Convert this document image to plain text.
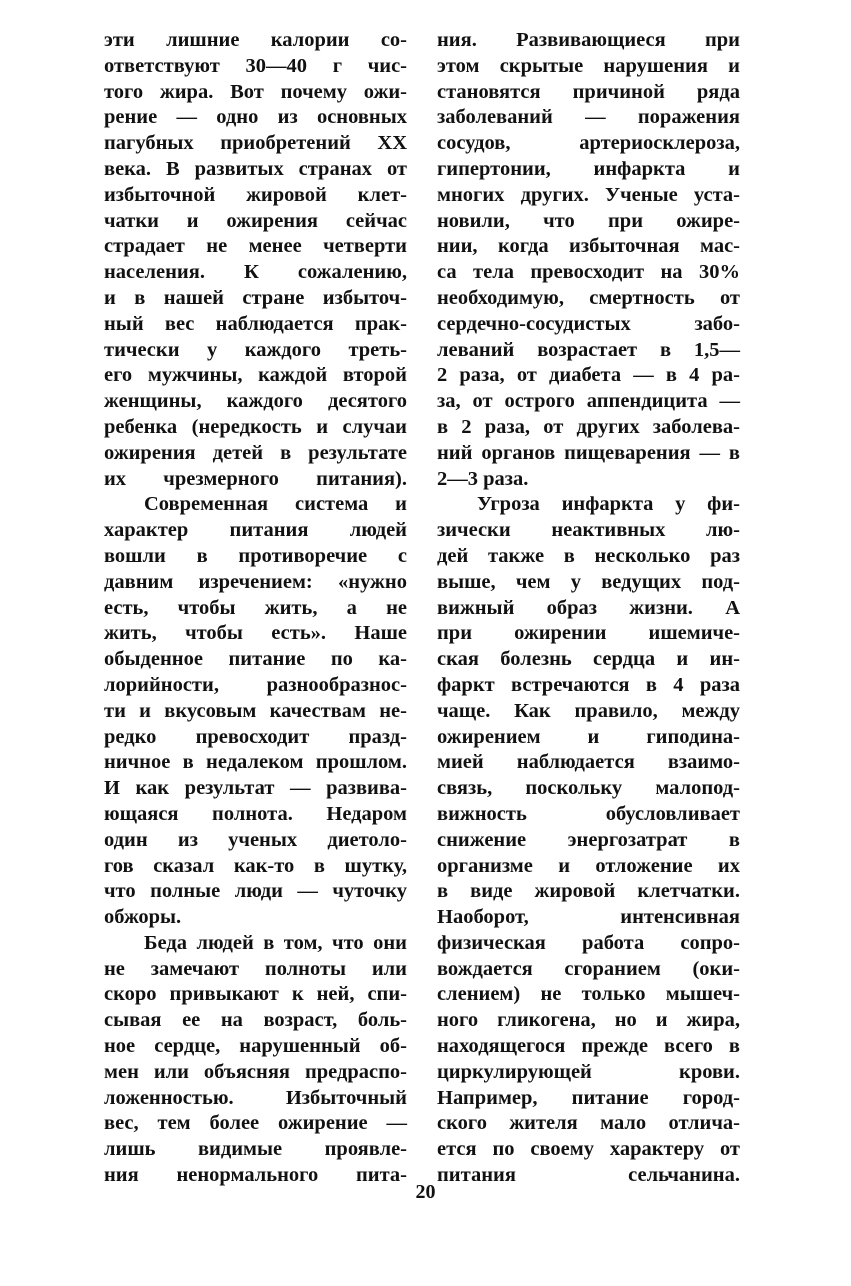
эти лишние калории со-
ответствуют 30—40 г чис-
того жира. Вот почему ожи-
рение — одно из основных
пагубных приобретений XX
века. В развитых странах от
избыточной жировой клет-
чатки и ожирения сейчас
страдает не менее четверти
населения. К сожалению,
и в нашей стране избыточ-
ный вес наблюдается прак-
тически у каждого треть-
его мужчины, каждой второй
женщины, каждого десятого
ребенка (нередкость и случаи
ожирения детей в результате
их чрезмерного питания).
Современная система и
характер питания людей
вошли в противоречие с
давним изречением: «нужно
есть, чтобы жить, а не
жить, чтобы есть». Наше
обыденное питание по ка-
лорийности, разнообразнос-
ти и вкусовым качествам не-
редко превосходит празд-
ничное в недалеком прошлом.
И как результат — развива-
ющаяся полнота. Недаром
один из ученых диетоло-
гов сказал как-то в шутку,
что полные люди — чуточку
обжоры.
Беда людей в том, что они
не замечают полноты или
скоро привыкают к ней, спи-
сывая ее на возраст, боль-
ное сердце, нарушенный об-
мен или объясняя предраспо-
ложенностью. Избыточный
вес, тем более ожирение —
лишь видимые проявле-
ния ненормального пита-
ния. Развивающиеся при
этом скрытые нарушения и
становятся причиной ряда
заболеваний — поражения
сосудов, артериосклероза,
гипертонии, инфаркта и
многих других. Ученые уста-
новили, что при ожире-
нии, когда избыточная мас-
са тела превосходит на 30%
необходимую, смертность от
сердечно-сосудистых забо-
леваний возрастает в 1,5—
2 раза, от диабета — в 4 ра-
за, от острого аппендицита —
в 2 раза, от других заболева-
ний органов пищеварения — в
2—3 раза.
Угроза инфаркта у фи-
зически неактивных лю-
дей также в несколько раз
выше, чем у ведущих под-
вижный образ жизни. А
при ожирении ишемиче-
ская болезнь сердца и ин-
фаркт встречаются в 4 раза
чаще. Как правило, между
ожирением и гиподина-
мией наблюдается взаимо-
связь, поскольку малопод-
вижность обусловливает
снижение энергозатрат в
организме и отложение их
в виде жировой клетчатки.
Наоборот, интенсивная
физическая работа сопро-
вождается сгоранием (оки-
слением) не только мышеч-
ного гликогена, но и жира,
находящегося прежде всего в
циркулирующей крови.
Например, питание город-
ского жителя мало отлича-
ется по своему характеру от
питания сельчанина.
20
